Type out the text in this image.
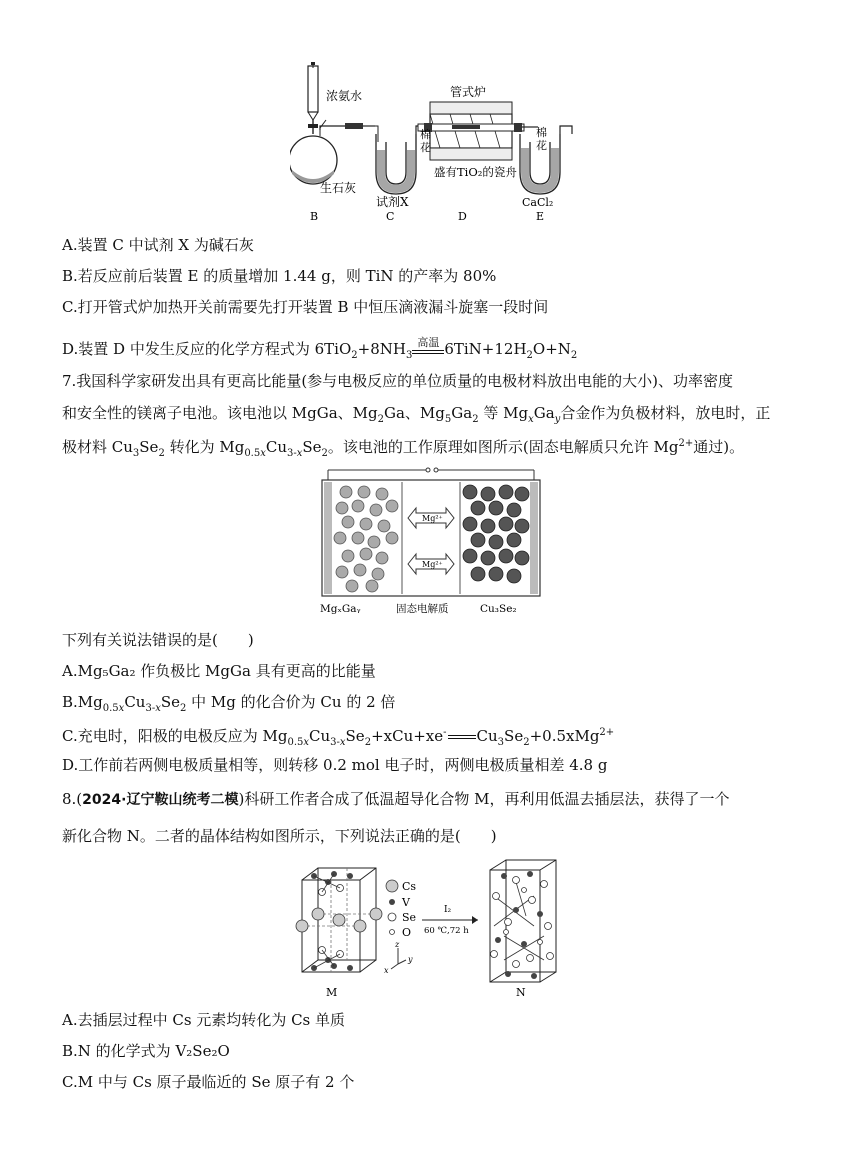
浓氨水	管式炉
棉
花
盛有TiO₂的瓷舟
棉
花
生石灰
试剂X	CaCl₂
B	C	D	E
A.装置 C 中试剂 X 为碱石灰
B.若反应前后装置 E 的质量增加 1.44 g，则 TiN 的产率为 80%
C.打开管式炉加热开关前需要先打开装置 B 中恒压滴液漏斗旋塞一段时间
D.装置 D 中发生反应的化学方程式为 $6TiO_2+8NH_3$
高温 $6TiN+12H_2O+N_2$
7.我国科学家研发出具有更高比能量(参与电极反应的单位质量的电极材料放出电能的大小)、功率密度
和安全性的镁离子电池。该电池以 MgGa、$Mg_2Ga$、$Mg_5Ga_2$ 等 $Mg_xGa_y$合金作为负极材料，放电时，正
极材料 $Cu_3Se_2$ 转化为 $Mg_{0.5x}Cu_{3-x}Se_2$。该电池的工作原理如图所示(固态电解质只允许 $Mg^{2+}$通过)。
Mg²⁺
Mg²⁺
MgₓGaᵧ	固态电解质	Cu₃Se₂
下列有关说法错误的是(　　)
A.Mg₅Ga₂ 作负极比 MgGa 具有更高的比能量
$B.Mg_{0.5x}Cu_{3-x}Se_2$ 中 Mg 的化合价为 Cu 的 2 倍
C.充电时，阳极的电极反应为 $Mg_{0.5x}Cu_{3-x}Se_2+xCu+xe^-$ $Cu_3Se_2+0.5xMg^{2+}$
D.工作前若两侧电极质量相等，则转移 0.2 mol 电子时，两侧电极质量相差 4.8 g
8.(2024·辽宁鞍山统考二模)科研工作者合成了低温超导化合物 M，再利用低温去插层法，获得了一个
新化合物 N。二者的晶体结构如图所示，下列说法正确的是(　　)
Cs
V
Se
O
z
x
y
I₂
60 ℃,72 h
M	N
A.去插层过程中 Cs 元素均转化为 Cs 单质
B.N 的化学式为 V₂Se₂O
C.M 中与 Cs 原子最临近的 Se 原子有 2 个
